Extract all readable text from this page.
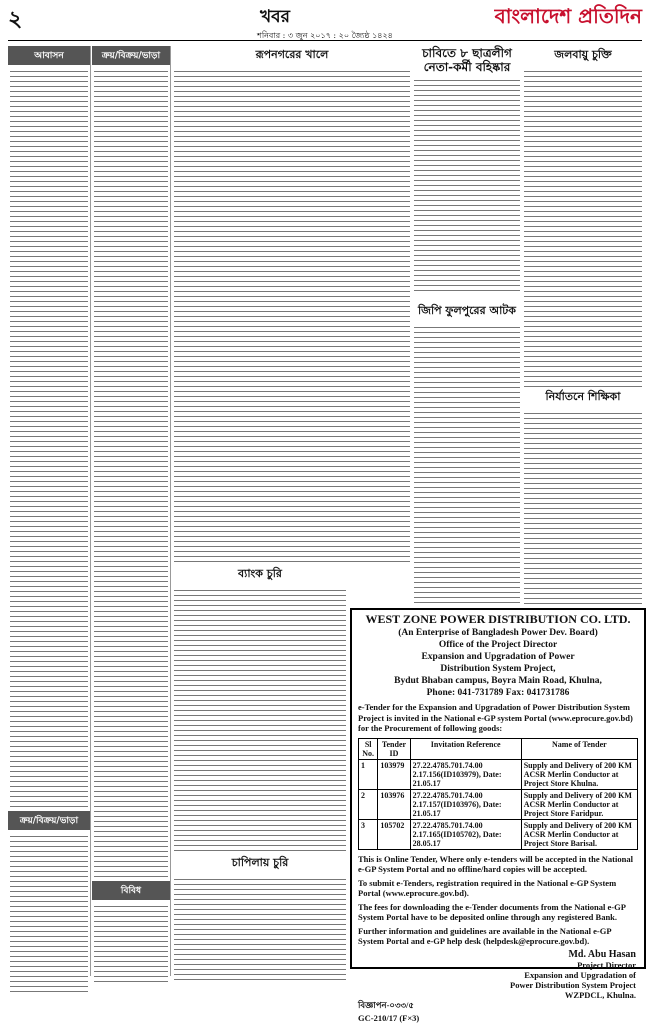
২	খবর	বাংলাদেশ প্রতিদিন
শনিবার : ৩ জুন ২০১৭ : ২০ জ্যৈষ্ঠ ১৪২৪
আবাসন
ক্রয়/বিক্রয়/ভাড়া
ক্রয়/বিক্রয়/ভাড়া
বিবিধ
রূপনগরের খালে	চাবিতে ৮ ছাত্রলীগ নেতা-কর্মী বহিষ্কার
জলবায়ু চুক্তি
জিপি ফুলপুরের আটক
নির্যাতনে শিক্ষিকা
ব্যাংক চুরি
চাপিলায় চুরি
WEST ZONE POWER DISTRIBUTION CO. LTD.
(An Enterprise of Bangladesh Power Dev. Board)
Office of the Project Director
Expansion and Upgradation of Power
Distribution System Project,
Bydut Bhaban campus, Boyra Main Road, Khulna,
Phone: 041-731789 Fax: 041731786
e-Tender for the Expansion and Upgradation of Power Distribution System Project is invited in the National e-GP system Portal (www.eprocure.gov.bd) for the Procurement of following goods:
Sl No.	Tender ID	Invitation Reference	Name of Tender
1	103979	27.22.4785.701.74.00 2.17.156(ID103979), Date: 21.05.17	Supply and Delivery of 200 KM ACSR Merlin Conductor at Project Store Khulna.
2	103976	27.22.4785.701.74.00 2.17.157(ID103976), Date: 21.05.17	Supply and Delivery of 200 KM ACSR Merlin Conductor at Project Store Faridpur.
3	105702	27.22.4785.701.74.00 2.17.165(ID105702), Date: 28.05.17	Supply and Delivery of 200 KM ACSR Merlin Conductor at Project Store Barisal.
This is Online Tender, Where only e-tenders will be accepted in the National e-GP System Portal and no offline/hard copies will be accepted.
To submit e-Tenders, registration required in the National e-GP System Portal (www.eprocure.gov.bd).
The fees for downloading the e-Tender documents from the National e-GP System Portal have to be deposited online through any registered Bank.
Further information and guidelines are available in the National e-GP System Portal and e-GP help desk (helpdesk@eprocure.gov.bd).
Md. Abu Hasan
Project Director
Expansion and Upgradation of
Power Distribution System Project
WZPDCL, Khulna.
বিজ্ঞাপন-০৩৩/৫
GC-210/17 (F×3)
